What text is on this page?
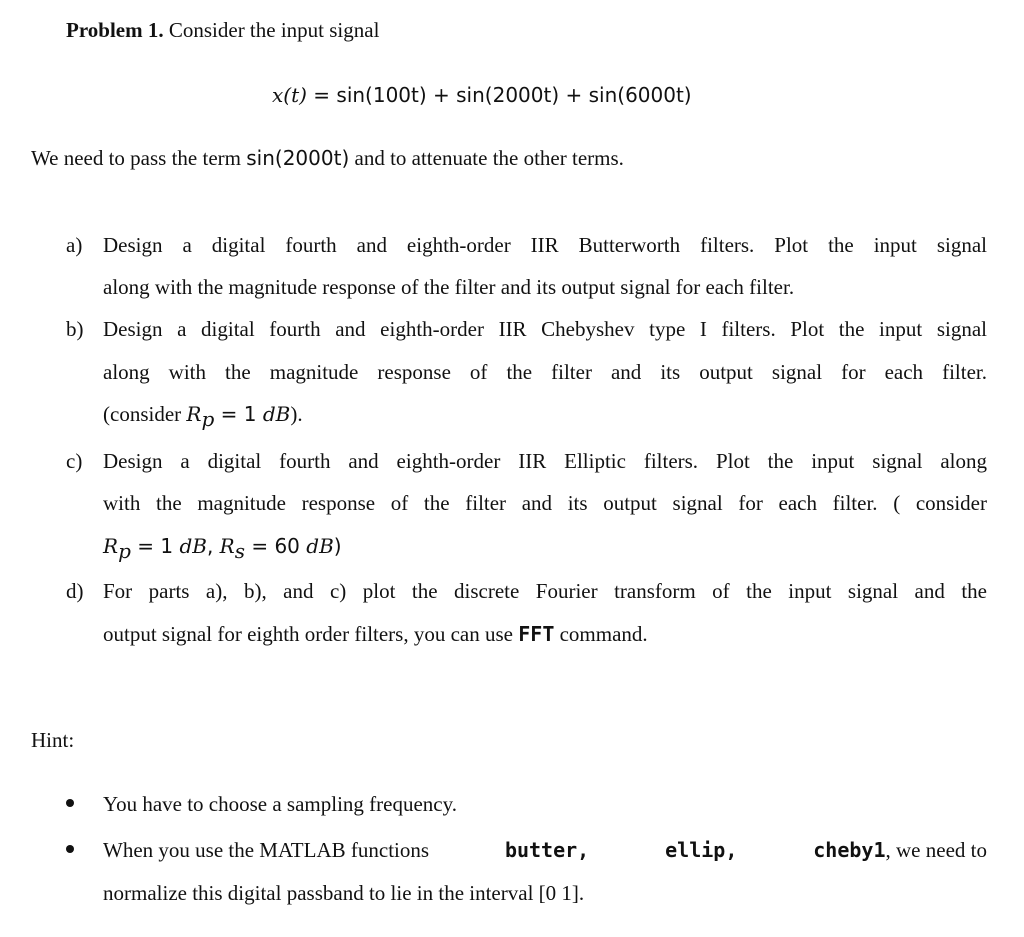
Problem 1. Consider the input signal
x(t) = sin(100t) + sin(2000t) + sin(6000t)
We need to pass the term sin(2000t) and to attenuate the other terms.
a) Design a digital fourth and eighth-order IIR Butterworth filters. Plot the input signal
along with the magnitude response of the filter and its output signal for each filter.
b) Design a digital fourth and eighth-order IIR Chebyshev type I filters. Plot the input signal
along with the magnitude response of the filter and its output signal for each filter.
(consider $R_p = 1$ dB).
c) Design a digital fourth and eighth-order IIR Elliptic filters. Plot the input signal along
with the magnitude response of the filter and its output signal for each filter. ( consider
$R_p = 1$ dB, $R_s = 60$ dB)
d) For parts a), b), and c) plot the discrete Fourier transform of the input signal and the
output signal for eighth order filters, you can use FFT command.
Hint:
You have to choose a sampling frequency.
When you use the MATLAB functions	butter,	ellip,	cheby1, we need to
normalize this digital passband to lie in the interval [0 1].
